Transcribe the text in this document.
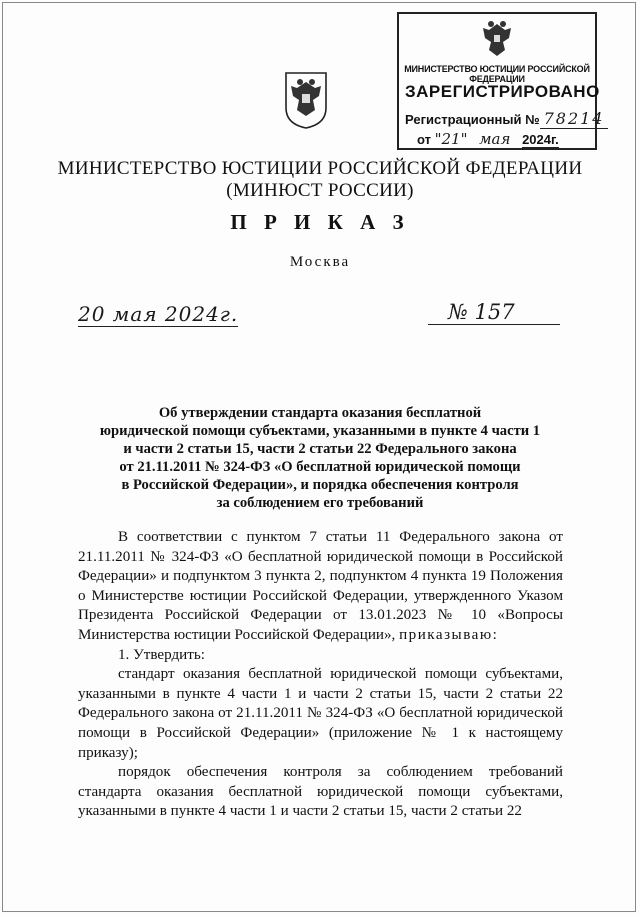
МИНИСТЕРСТВО ЮСТИЦИИ РОССИЙСКОЙ ФЕДЕРАЦИИ
ЗАРЕГИСТРИРОВАНО
Регистрационный № 78214
от "21" мая 2024г.
МИНИСТЕРСТВО ЮСТИЦИИ РОССИЙСКОЙ ФЕДЕРАЦИИ
(МИНЮСТ РОССИИ)
П Р И К А З
Москва
20 мая 2024г.	№ 157
Об утверждении стандарта оказания бесплатной
юридической помощи субъектами, указанными в пункте 4 части 1
и части 2 статьи 15, части 2 статьи 22 Федерального закона
от 21.11.2011 № 324-ФЗ «О бесплатной юридической помощи
в Российской Федерации», и порядка обеспечения контроля
за соблюдением его требований

В соответствии с пунктом 7 статьи 11 Федерального закона от 21.11.2011 № 324-ФЗ «О бесплатной юридической помощи в Российской Федерации» и подпунктом 3 пункта 2, подпунктом 4 пункта 19 Положения о Министерстве юстиции Российской Федерации, утвержденного Указом Президента Российской Федерации от 13.01.2023 № 10 «Вопросы Министерства юстиции Российской Федерации», приказываю:

1. Утвердить:

стандарт оказания бесплатной юридической помощи субъектами, указанными в пункте 4 части 1 и части 2 статьи 15, части 2 статьи 22 Федерального закона от 21.11.2011 № 324-ФЗ «О бесплатной юридической помощи в Российской Федерации» (приложение № 1 к настоящему приказу);

порядок обеспечения контроля за соблюдением требований стандарта оказания бесплатной юридической помощи субъектами, указанными в пункте 4 части 1 и части 2 статьи 15, части 2 статьи 22
